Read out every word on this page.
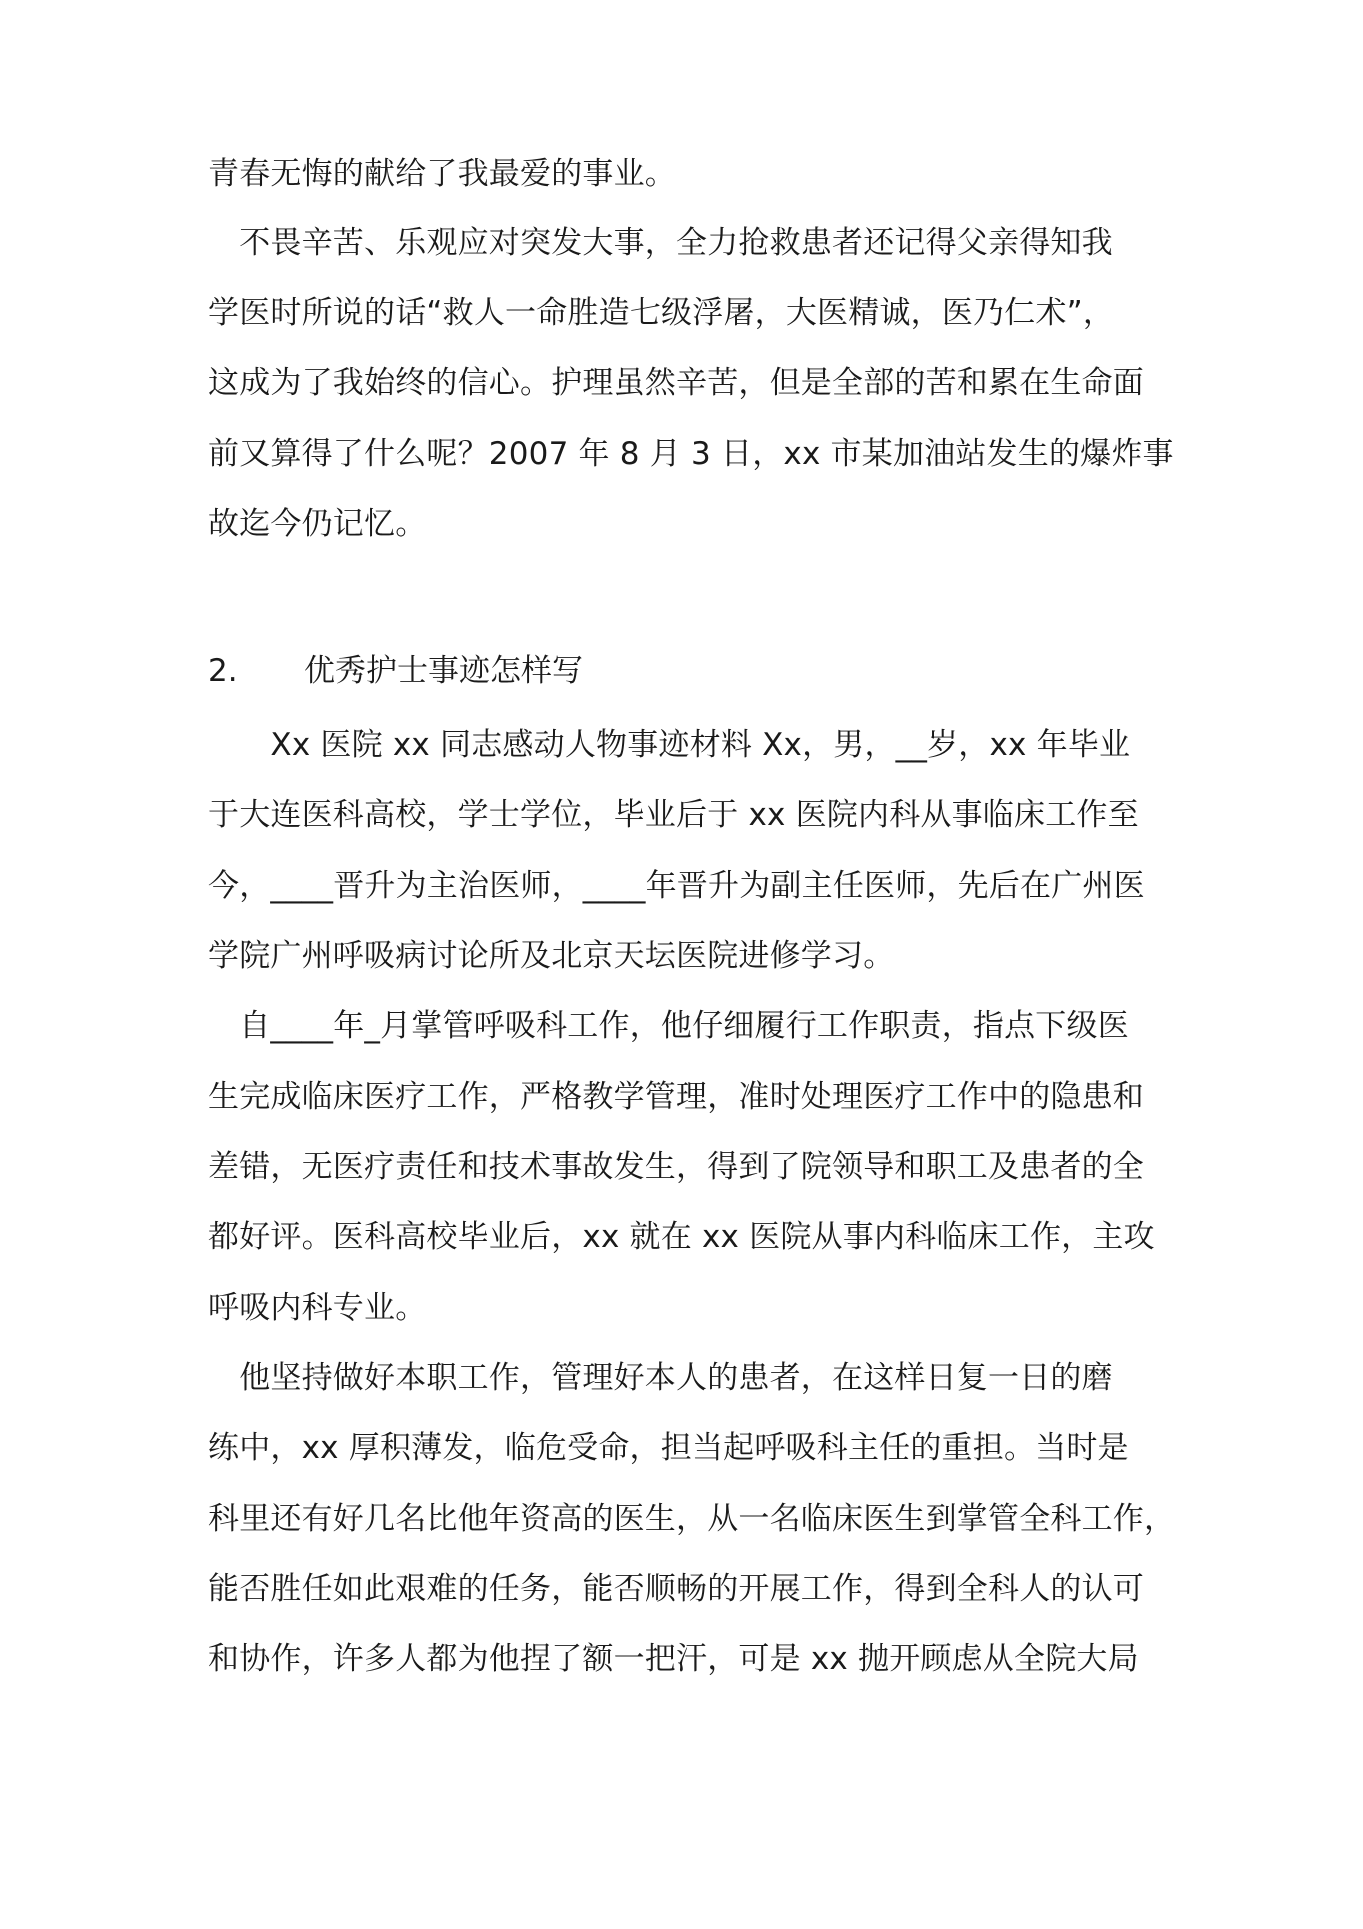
青春无悔的献给了我最爱的事业。
　不畏辛苦、乐观应对突发大事，全力抢救患者还记得父亲得知我
学医时所说的话“救人一命胜造七级浮屠，大医精诚，医乃仁术”，
这成为了我始终的信心。护理虽然辛苦，但是全部的苦和累在生命面
前又算得了什么呢？2007 年 8 月 3 日，xx 市某加油站发生的爆炸事
故迄今仍记忆。
2. 优秀护士事迹怎样写
　　Xx 医院 xx 同志感动人物事迹材料 Xx，男，__岁，xx 年毕业
于大连医科高校，学士学位，毕业后于 xx 医院内科从事临床工作至
今，____晋升为主治医师，____年晋升为副主任医师，先后在广州医
学院广州呼吸病讨论所及北京天坛医院进修学习。
　自____年_月掌管呼吸科工作，他仔细履行工作职责，指点下级医
生完成临床医疗工作，严格教学管理，准时处理医疗工作中的隐患和
差错，无医疗责任和技术事故发生，得到了院领导和职工及患者的全
都好评。医科高校毕业后，xx 就在 xx 医院从事内科临床工作，主攻
呼吸内科专业。
　他坚持做好本职工作，管理好本人的患者，在这样日复一日的磨
练中，xx 厚积薄发，临危受命，担当起呼吸科主任的重担。当时是
科里还有好几名比他年资高的医生，从一名临床医生到掌管全科工作，
能否胜任如此艰难的任务，能否顺畅的开展工作，得到全科人的认可
和协作，许多人都为他捏了额一把汗，可是 xx 抛开顾虑从全院大局
